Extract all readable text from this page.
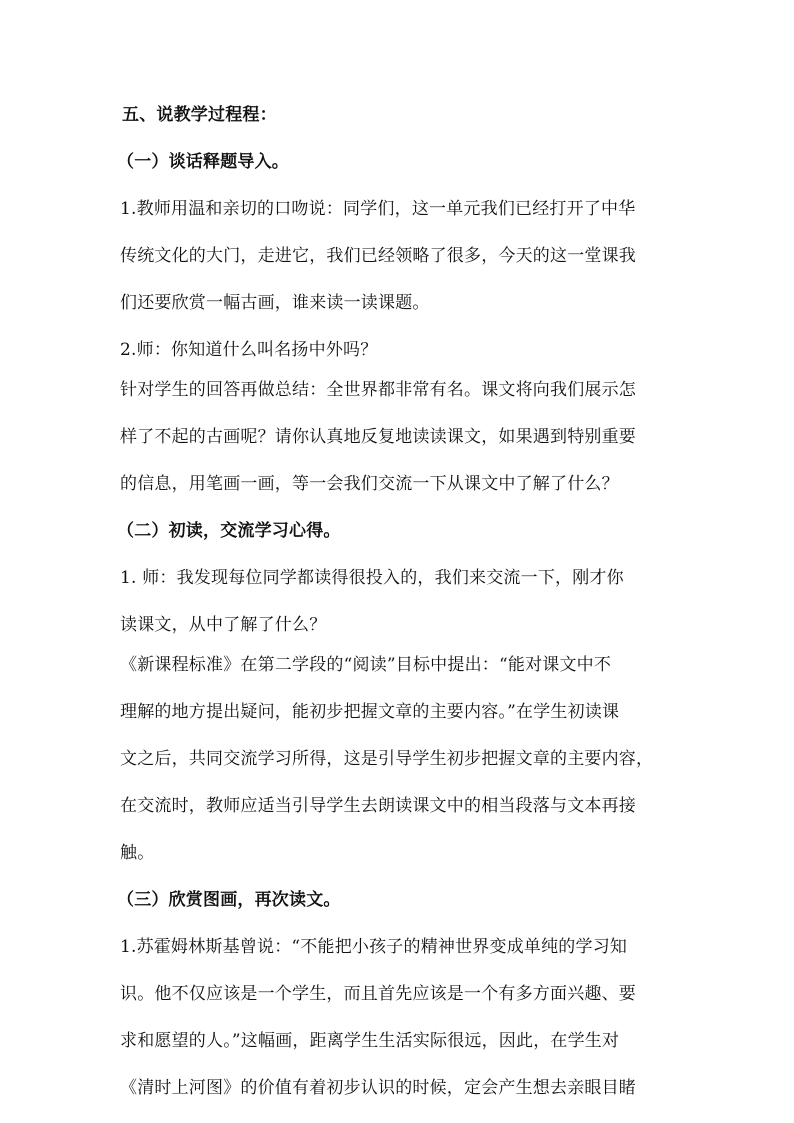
五、说教学过程程：

（一）谈话释题导入。

1.教师用温和亲切的口吻说：同学们，这一单元我们已经打开了中华

传统文化的大门，走进它，我们已经领略了很多，今天的这一堂课我

们还要欣赏一幅古画，谁来读一读课题。

2.师：你知道什么叫名扬中外吗？

针对学生的回答再做总结：全世界都非常有名。课文将向我们展示怎

样了不起的古画呢？请你认真地反复地读读课文，如果遇到特别重要

的信息，用笔画一画，等一会我们交流一下从课文中了解了什么？

（二）初读，交流学习心得。

1. 师：我发现每位同学都读得很投入的，我们来交流一下，刚才你

读课文，从中了解了什么？

《新课程标准》在第二学段的“阅读”目标中提出：“能对课文中不

理解的地方提出疑问，能初步把握文章的主要内容。”在学生初读课

文之后，共同交流学习所得，这是引导学生初步把握文章的主要内容，

在交流时，教师应适当引导学生去朗读课文中的相当段落与文本再接

触。

（三）欣赏图画，再次读文。

1.苏霍姆林斯基曾说：“不能把小孩子的精神世界变成单纯的学习知

识。他不仅应该是一个学生，而且首先应该是一个有多方面兴趣、要

求和愿望的人。”这幅画，距离学生生活实际很远，因此，在学生对

《清时上河图》的价值有着初步认识的时候，定会产生想去亲眼目睹
